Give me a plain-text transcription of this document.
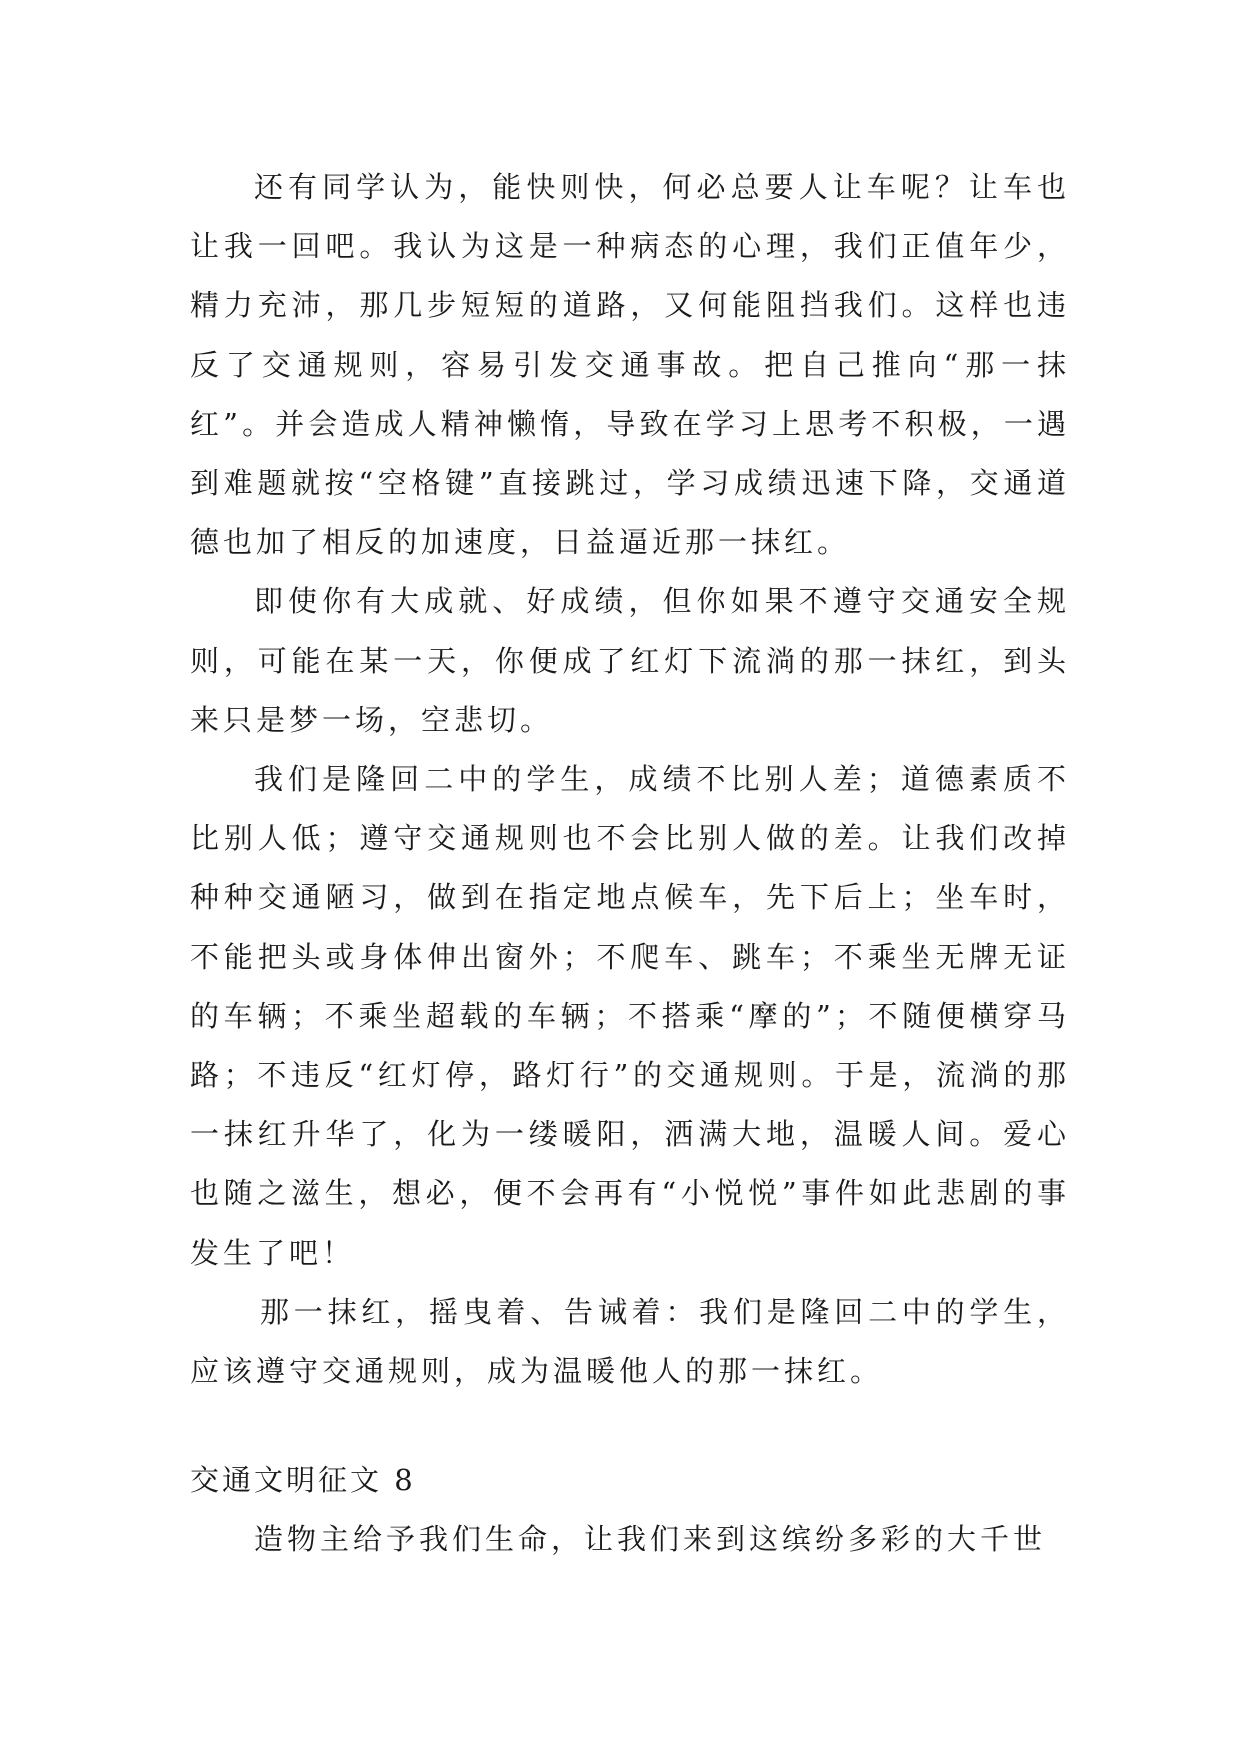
还有同学认为，能快则快，何必总要人让车呢？让车也让我一回吧。我认为这是一种病态的心理，我们正值年少，精力充沛，那几步短短的道路，又何能阻挡我们。这样也违反了交通规则，容易引发交通事故。把自己推向“那一抹红”。并会造成人精神懒惰，导致在学习上思考不积极，一遇到难题就按“空格键”直接跳过，学习成绩迅速下降，交通道德也加了相反的加速度，日益逼近那一抹红。

即使你有大成就、好成绩，但你如果不遵守交通安全规则，可能在某一天，你便成了红灯下流淌的那一抹红，到头来只是梦一场，空悲切。

我们是隆回二中的学生，成绩不比别人差；道德素质不比别人低；遵守交通规则也不会比别人做的差。让我们改掉种种交通陋习，做到在指定地点候车，先下后上；坐车时，不能把头或身体伸出窗外；不爬车、跳车；不乘坐无牌无证的车辆；不乘坐超载的车辆；不搭乘“摩的”；不随便横穿马路；不违反“红灯停，路灯行”的交通规则。于是，流淌的那一抹红升华了，化为一缕暖阳，洒满大地，温暖人间。爱心也随之滋生，想必，便不会再有“小悦悦”事件如此悲剧的事发生了吧！

那一抹红，摇曳着、告诫着：我们是隆回二中的学生，应该遵守交通规则，成为温暖他人的那一抹红。

交通文明征文 8

造物主给予我们生命，让我们来到这缤纷多彩的大千世
